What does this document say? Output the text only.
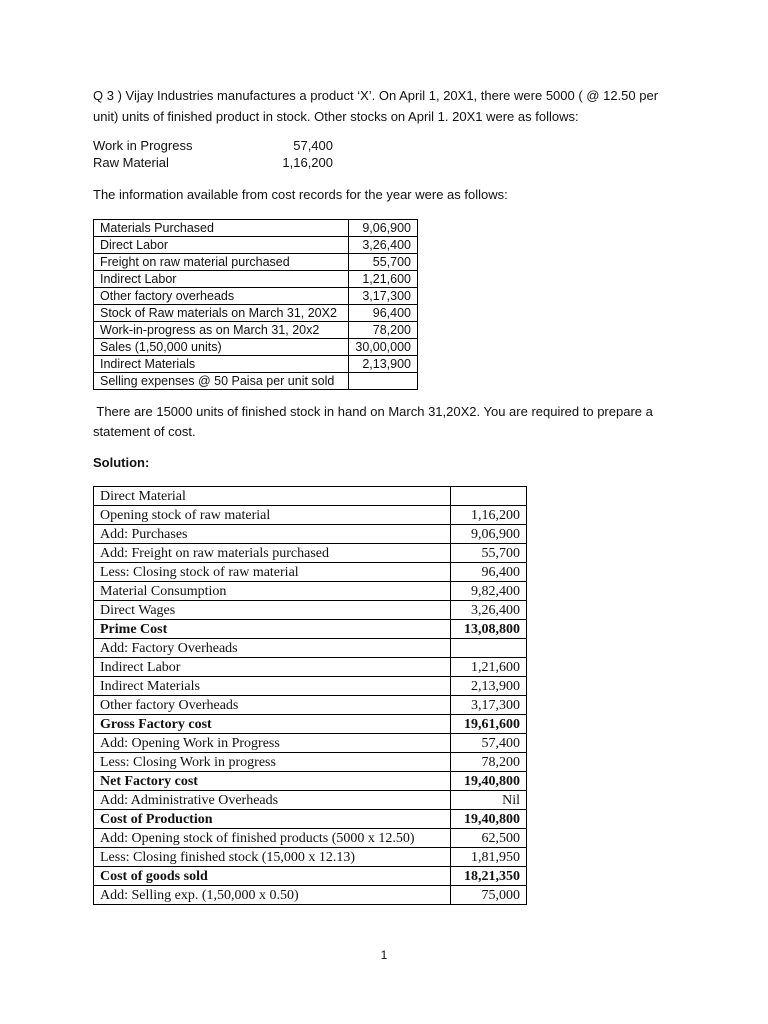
Q 3 ) Vijay Industries manufactures a product ‘X’. On April 1, 20X1, there were 5000 ( @ 12.50 per

unit) units of finished product in stock. Other stocks on April 1. 20X1 were as follows:

Work in Progress	57,400
Raw Material	1,16,200
The information available from cost records for the year were as follows:
Materials Purchased	9,06,900
Direct Labor	3,26,400
Freight on raw material purchased	55,700
Indirect Labor	1,21,600
Other factory overheads	3,17,300
Stock of Raw materials on March 31, 20X2	96,400
Work-in-progress as on March 31, 20x2	78,200
Sales (1,50,000 units)	30,00,000
Indirect Materials	2,13,900
Selling expenses @ 50 Paisa per unit sold	

There are 15000 units of finished stock in hand on March 31,20X2. You are required to prepare a

statement of cost.

Solution:
Direct Material	
Opening stock of raw material	1,16,200
Add: Purchases	9,06,900
Add: Freight on raw materials purchased	55,700
Less: Closing stock of raw material	96,400
Material Consumption	9,82,400
Direct Wages	3,26,400
Prime Cost	13,08,800
Add: Factory Overheads	
Indirect Labor	1,21,600
Indirect Materials	2,13,900
Other factory Overheads	3,17,300
Gross Factory cost	19,61,600
Add: Opening Work in Progress	57,400
Less: Closing Work in progress	78,200
Net Factory cost	19,40,800
Add: Administrative Overheads	Nil
Cost of Production	19,40,800
Add: Opening stock of finished products (5000 x 12.50)	62,500
Less: Closing finished stock (15,000 x 12.13)	1,81,950
Cost of goods sold	18,21,350
Add: Selling exp. (1,50,000 x 0.50)	75,000
1
